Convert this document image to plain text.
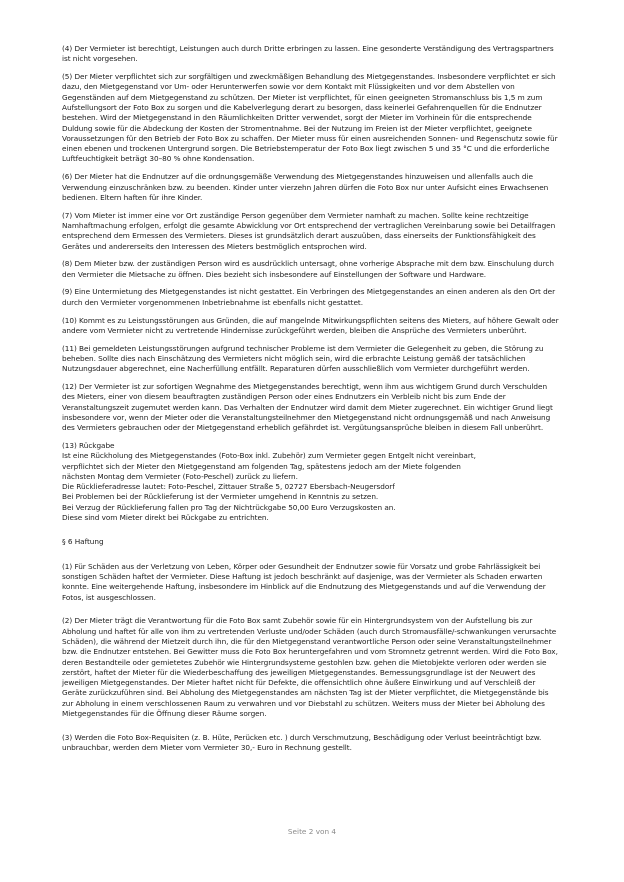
(4) Der Vermieter ist berechtigt, Leistungen auch durch Dritte erbringen zu lassen. Eine gesonderte Verständigung des Vertragspartners ist nicht vorgesehen.

(5) Der Mieter verpflichtet sich zur sorgfältigen und zweckmäßigen Behandlung des Mietgegenstandes. Insbesondere verpflichtet er sich dazu, den Mietgegenstand vor Um- oder Herunterwerfen sowie vor dem Kontakt mit Flüssigkeiten und vor dem Abstellen von Gegenständen auf dem Mietgegenstand zu schützen. Der Mieter ist verpflichtet, für einen geeigneten Stromanschluss bis 1,5 m zum Aufstellungsort der Foto Box zu sorgen und die Kabelverlegung derart zu besorgen, dass keinerlei Gefahrenquellen für die Endnutzer bestehen. Wird der Mietgegenstand in den Räumlichkeiten Dritter verwendet, sorgt der Mieter im Vorhinein für die entsprechende Duldung sowie für die Abdeckung der Kosten der Stromentnahme. Bei der Nutzung im Freien ist der Mieter verpflichtet, geeignete Voraussetzungen für den Betrieb der Foto Box zu schaffen. Der Mieter muss für einen ausreichenden Sonnen- und Regenschutz sowie für einen ebenen und trockenen Untergrund sorgen. Die Betriebstemperatur der Foto Box liegt zwischen 5 und 35 °C und die erforderliche Luftfeuchtigkeit beträgt 30–80 % ohne Kondensation.

(6) Der Mieter hat die Endnutzer auf die ordnungsgemäße Verwendung des Mietgegenstandes hinzuweisen und allenfalls auch die Verwendung einzuschränken bzw. zu beenden. Kinder unter vierzehn Jahren dürfen die Foto Box nur unter Aufsicht eines Erwachsenen bedienen. Eltern haften für ihre Kinder.

(7) Vom Mieter ist immer eine vor Ort zuständige Person gegenüber dem Vermieter namhaft zu machen. Sollte keine rechtzeitige Namhaftmachung erfolgen, erfolgt die gesamte Abwicklung vor Ort entsprechend der vertraglichen Vereinbarung sowie bei Detailfragen entsprechend dem Ermessen des Vermieters. Dieses ist grundsätzlich derart auszuüben, dass einerseits der Funktionsfähigkeit des Gerätes und andererseits den Interessen des Mieters bestmöglich entsprochen wird.

(8) Dem Mieter bzw. der zuständigen Person wird es ausdrücklich untersagt, ohne vorherige Absprache mit dem bzw. Einschulung durch den Vermieter die Mietsache zu öffnen. Dies bezieht sich insbesondere auf Einstellungen der Software und Hardware.

(9) Eine Untermietung des Mietgegenstandes ist nicht gestattet. Ein Verbringen des Mietgegenstandes an einen anderen als den Ort der durch den Vermieter vorgenommenen Inbetriebnahme ist ebenfalls nicht gestattet.

(10) Kommt es zu Leistungsstörungen aus Gründen, die auf mangelnde Mitwirkungspflichten seitens des Mieters, auf höhere Gewalt oder andere vom Vermieter nicht zu vertretende Hindernisse zurückgeführt werden, bleiben die Ansprüche des Vermieters unberührt.

(11) Bei gemeldeten Leistungsstörungen aufgrund technischer Probleme ist dem Vermieter die Gelegenheit zu geben, die Störung zu beheben. Sollte dies nach Einschätzung des Vermieters nicht möglich sein, wird die erbrachte Leistung gemäß der tatsächlichen Nutzungsdauer abgerechnet, eine Nacherfüllung entfällt. Reparaturen dürfen ausschließlich vom Vermieter durchgeführt werden.

(12) Der Vermieter ist zur sofortigen Wegnahme des Mietgegenstandes berechtigt, wenn ihm aus wichtigem Grund durch Verschulden des Mieters, einer von diesem beauftragten zuständigen Person oder eines Endnutzers ein Verbleib nicht bis zum Ende der Veranstaltungszeit zugemutet werden kann. Das Verhalten der Endnutzer wird damit dem Mieter zugerechnet. Ein wichtiger Grund liegt insbesondere vor, wenn der Mieter oder die Veranstaltungsteilnehmer den Mietgegenstand nicht ordnungsgemäß und nach Anweisung des Vermieters gebrauchen oder der Mietgegenstand erheblich gefährdet ist. Vergütungsansprüche bleiben in diesem Fall unberührt.

(13) Rückgabe
Ist eine Rückholung des Mietgegenstandes (Foto-Box inkl. Zubehör) zum Vermieter gegen Entgelt nicht vereinbart,
verpflichtet sich der Mieter den Mietgegenstand am folgenden Tag, spätestens jedoch am der Miete folgenden
nächsten Montag dem Vermieter (Foto-Peschel) zurück zu liefern.
Die Rücklieferadresse lautet: Foto-Peschel, Zittauer Straße 5, 02727 Ebersbach-Neugersdorf
Bei Problemen bei der Rücklieferung ist der Vermieter umgehend in Kenntnis zu setzen.
Bei Verzug der Rücklieferung fallen pro Tag der Nichtrückgabe 50,00 Euro Verzugskosten an.
Diese sind vom Mieter direkt bei Rückgabe zu entrichten.

§ 6 Haftung

(1) Für Schäden aus der Verletzung von Leben, Körper oder Gesundheit der Endnutzer sowie für Vorsatz und grobe Fahrlässigkeit bei sonstigen Schäden haftet der Vermieter. Diese Haftung ist jedoch beschränkt auf dasjenige, was der Vermieter als Schaden erwarten konnte. Eine weitergehende Haftung, insbesondere im Hinblick auf die Endnutzung des Mietgegenstands und auf die Verwendung der Fotos, ist ausgeschlossen.

(2) Der Mieter trägt die Verantwortung für die Foto Box samt Zubehör sowie für ein Hintergrundsystem von der Aufstellung bis zur Abholung und haftet für alle von ihm zu vertretenden Verluste und/oder Schäden (auch durch Stromausfälle/-schwankungen verursachte Schäden), die während der Mietzeit durch ihn, die für den Mietgegenstand verantwortliche Person oder seine Veranstaltungsteilnehmer bzw. die Endnutzer entstehen. Bei Gewitter muss die Foto Box heruntergefahren und vom Stromnetz getrennt werden. Wird die Foto Box, deren Bestandteile oder gemietetes Zubehör wie Hintergrundsysteme gestohlen bzw. gehen die Mietobjekte verloren oder werden sie zerstört, haftet der Mieter für die Wiederbeschaffung des jeweiligen Mietgegenstandes. Bemessungsgrundlage ist der Neuwert des jeweiligen Mietgegenstandes. Der Mieter haftet nicht für Defekte, die offensichtlich ohne äußere Einwirkung und auf Verschleiß der Geräte zurückzuführen sind. Bei Abholung des Mietgegenstandes am nächsten Tag ist der Mieter verpflichtet, die Mietgegenstände bis zur Abholung in einem verschlossenen Raum zu verwahren und vor Diebstahl zu schützen. Weiters muss der Mieter bei Abholung des Mietgegenstandes für die Öffnung dieser Räume sorgen.

(3) Werden die Foto Box-Requisiten (z. B. Hüte, Perücken etc. ) durch Verschmutzung, Beschädigung oder Verlust beeinträchtigt bzw. unbrauchbar, werden dem Mieter vom Vermieter 30,- Euro in Rechnung gestellt.

Seite 2 von 4
